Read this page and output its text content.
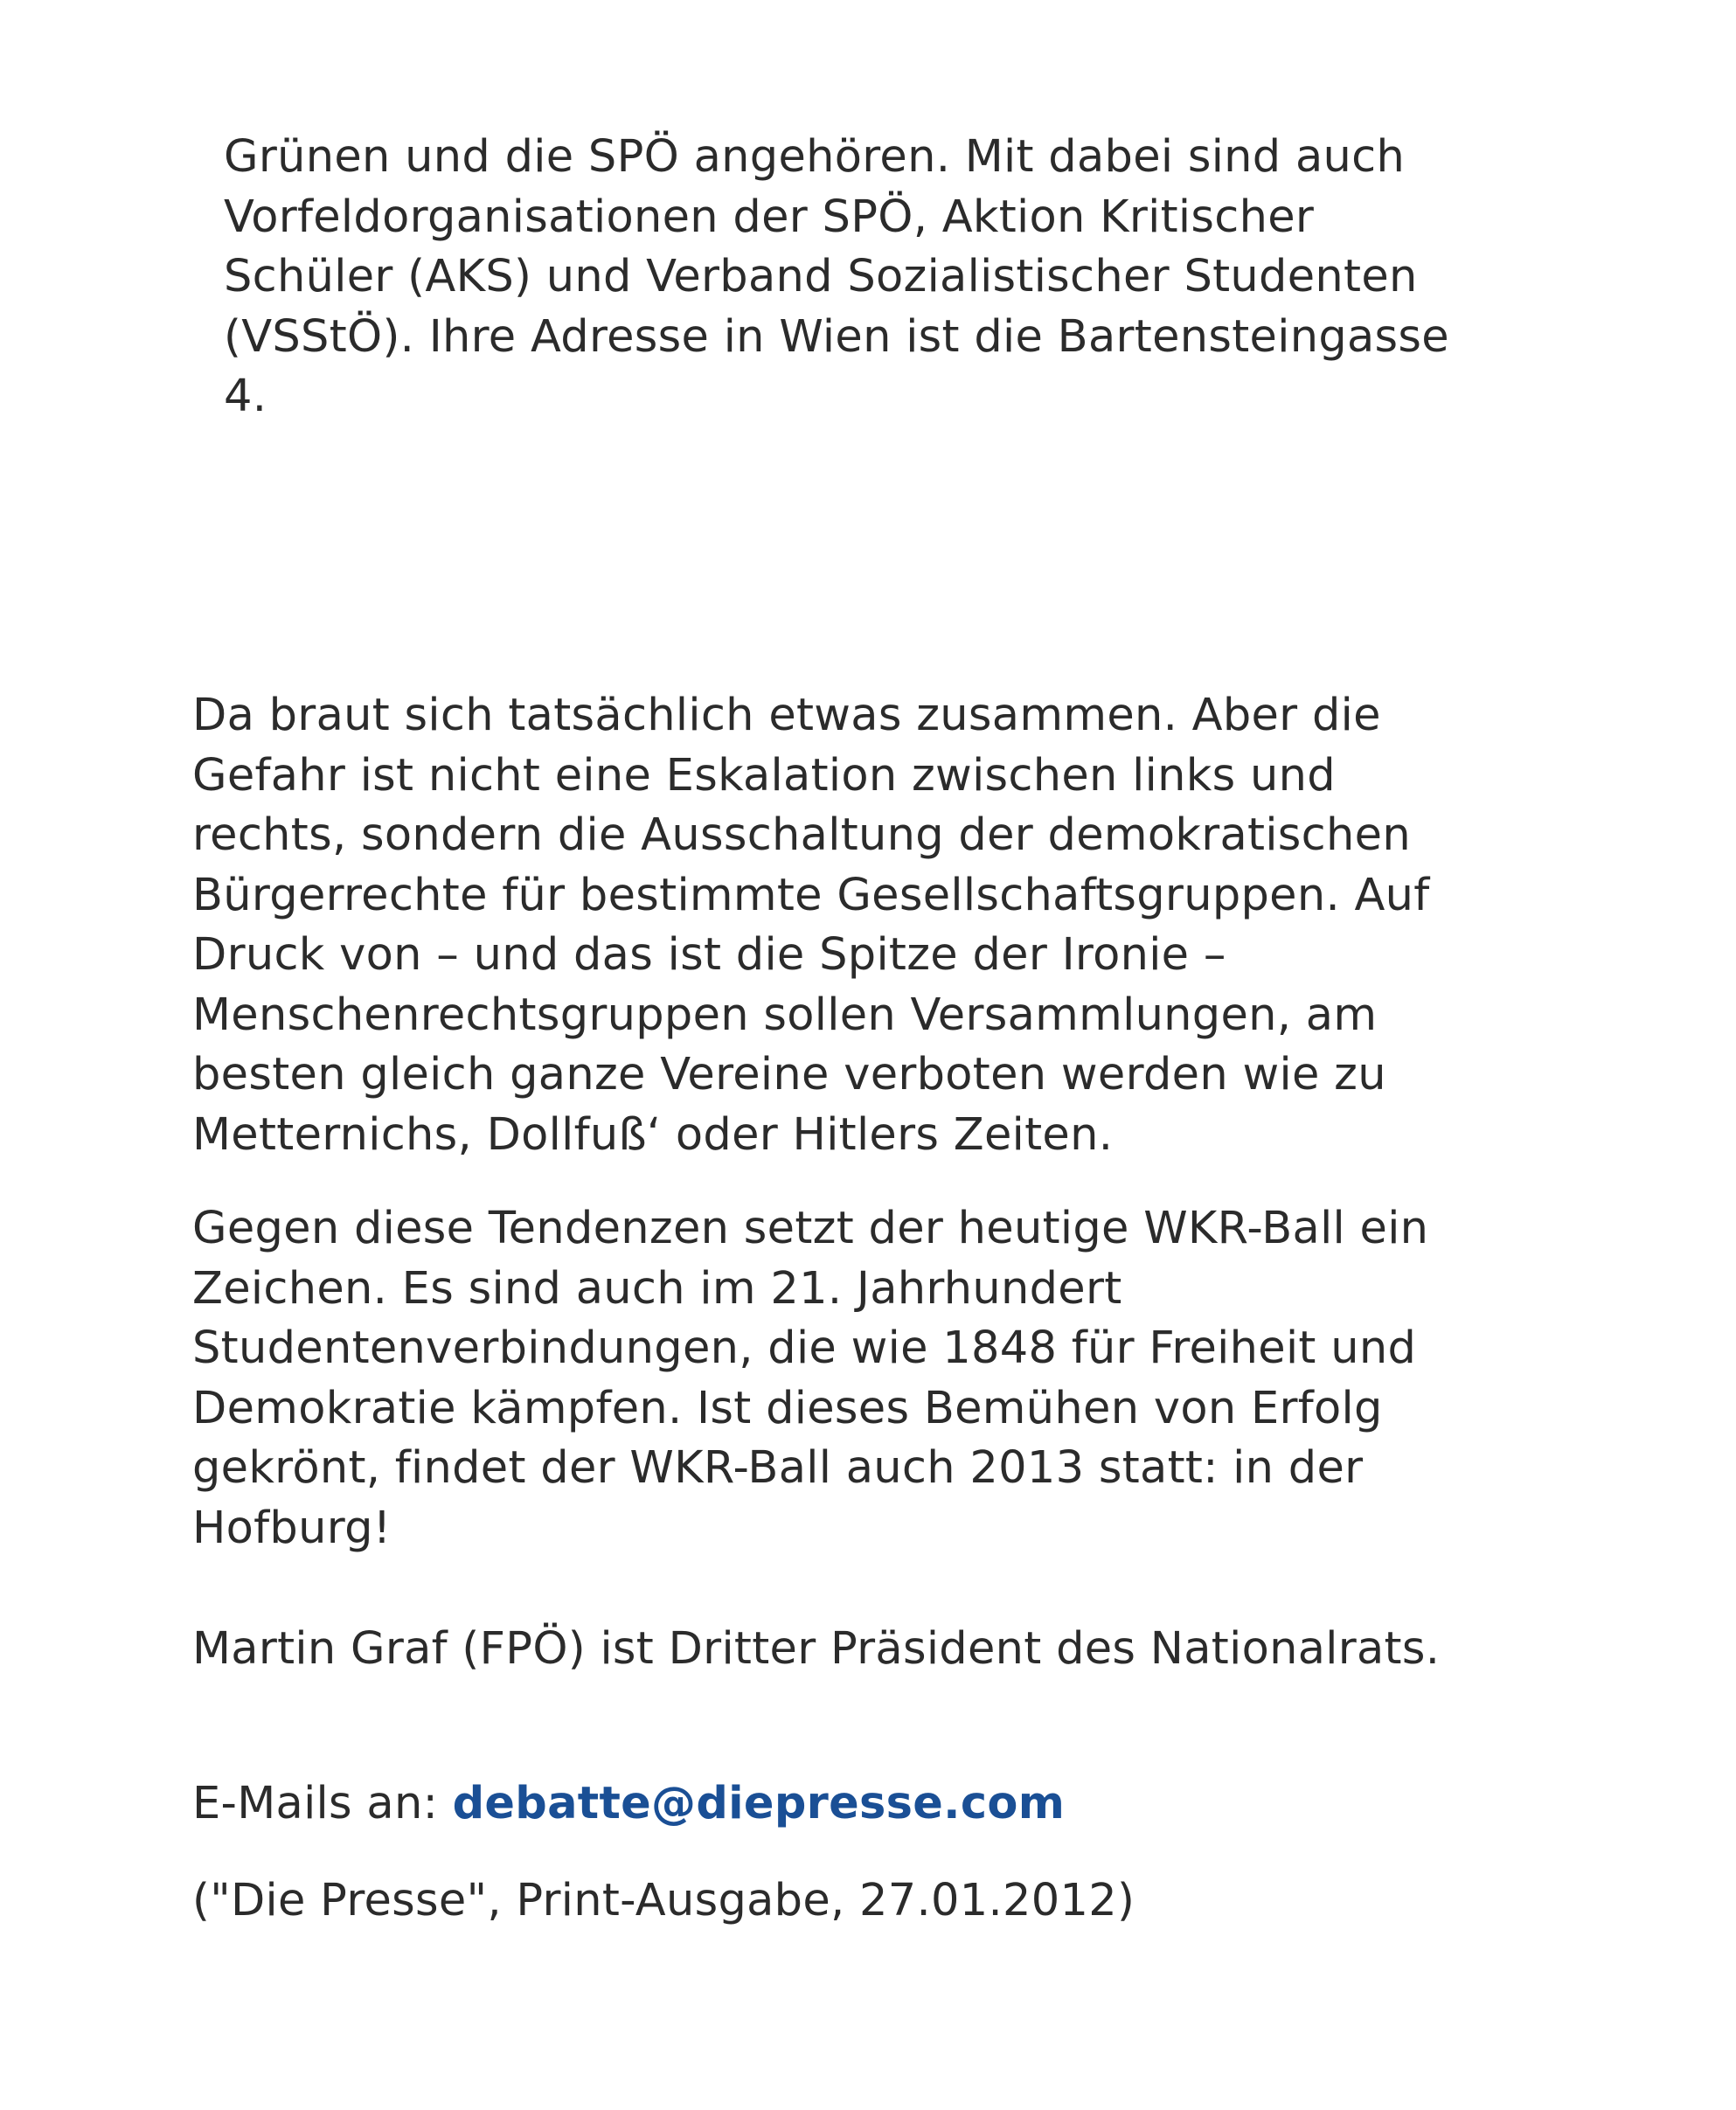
Grünen und die SPÖ angehören. Mit dabei sind auch
Vorfeldorganisationen der SPÖ, Aktion Kritischer
Schüler (AKS) und Verband Sozialistischer Studenten
(VSStÖ). Ihre Adresse in Wien ist die Bartensteingasse
4.

Da braut sich tatsächlich etwas zusammen. Aber die
Gefahr ist nicht eine Eskalation zwischen links und
rechts, sondern die Ausschaltung der demokratischen
Bürgerrechte für bestimmte Gesellschaftsgruppen. Auf
Druck von – und das ist die Spitze der Ironie –
Menschenrechtsgruppen sollen Versammlungen, am
besten gleich ganze Vereine verboten werden wie zu
Metternichs, Dollfuß‘ oder Hitlers Zeiten.

Gegen diese Tendenzen setzt der heutige WKR-Ball ein
Zeichen. Es sind auch im 21. Jahrhundert
Studentenverbindungen, die wie 1848 für Freiheit und
Demokratie kämpfen. Ist dieses Bemühen von Erfolg
gekrönt, findet der WKR-Ball auch 2013 statt: in der
Hofburg!

Martin Graf (FPÖ) ist Dritter Präsident des Nationalrats.

E-Mails an: debatte@diepresse.com

("Die Presse", Print-Ausgabe, 27.01.2012)
